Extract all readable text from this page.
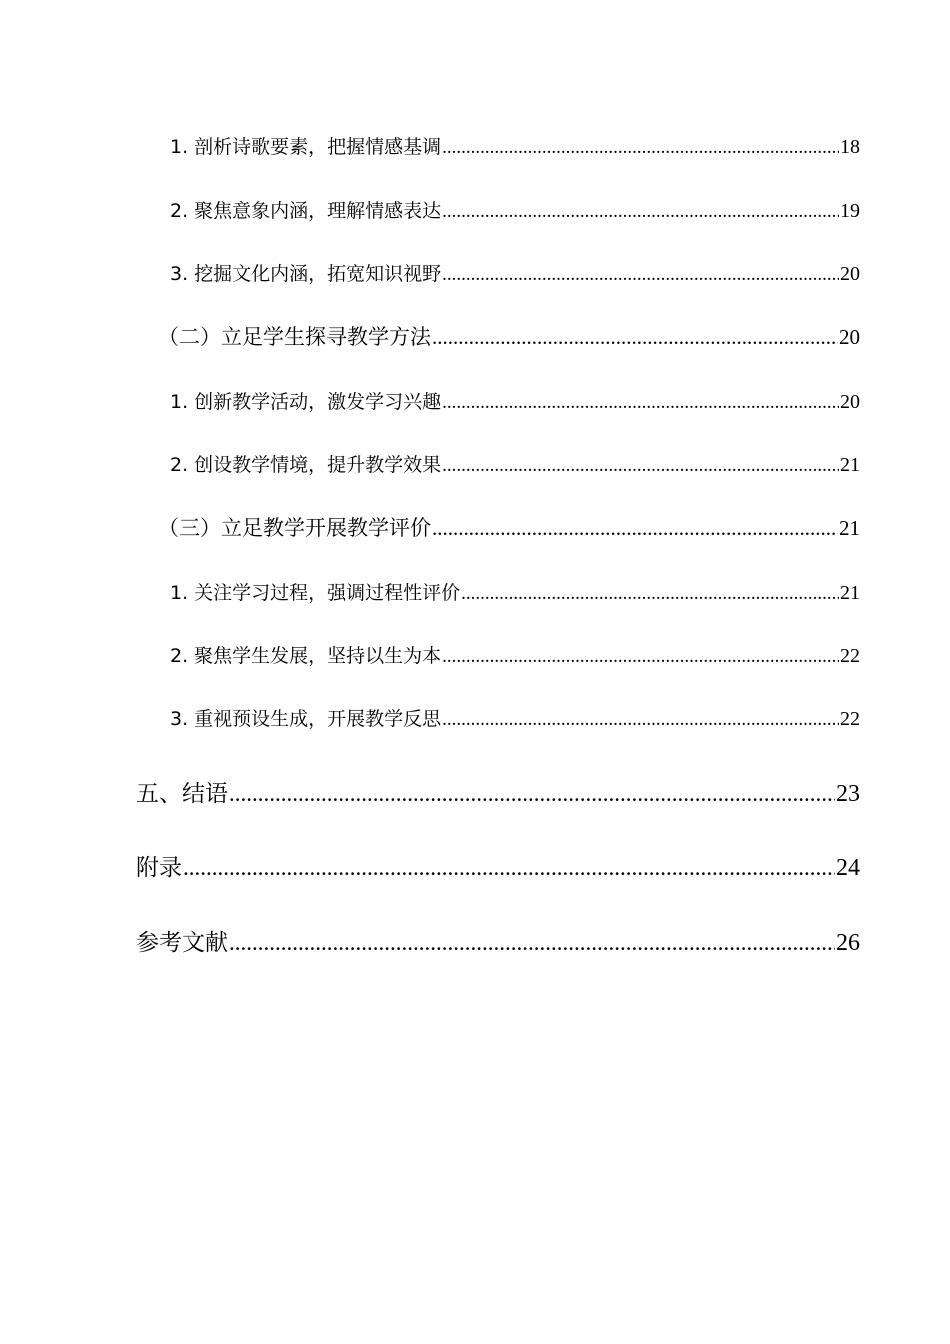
1. 剖析诗歌要素，把握情感基调 .....	18
2. 聚焦意象内涵，理解情感表达 .....	19
3. 挖掘文化内涵，拓宽知识视野 .....	20
（二）立足学生探寻教学方法 .....	20
1. 创新教学活动，激发学习兴趣 .....	20
2. 创设教学情境，提升教学效果 .....	21
（三）立足教学开展教学评价 .....	21
1. 关注学习过程，强调过程性评价 .....	21
2. 聚焦学生发展，坚持以生为本 .....	22
3. 重视预设生成，开展教学反思 .....	22
五、结语 .....	23
附录 .....	24
参考文献 .....	26
